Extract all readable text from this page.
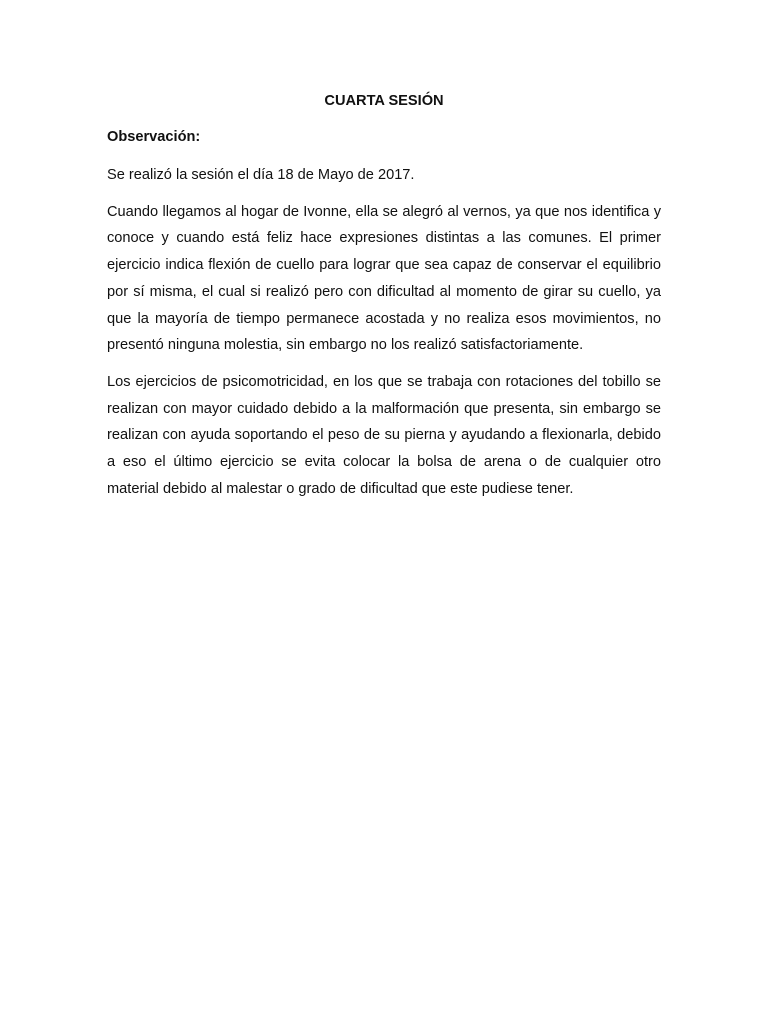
CUARTA SESIÓN
Observación:

Se realizó la sesión el día 18 de Mayo de 2017.

Cuando llegamos al hogar de Ivonne, ella se alegró al vernos, ya que nos identifica y conoce y cuando está feliz hace expresiones distintas a las comunes. El primer ejercicio indica flexión de cuello para lograr que sea capaz de conservar el equilibrio por sí misma, el cual si realizó pero con dificultad al momento de girar su cuello, ya que la mayoría de tiempo permanece acostada y no realiza esos movimientos, no presentó ninguna molestia, sin embargo no los realizó satisfactoriamente.

Los ejercicios de psicomotricidad, en los que se trabaja con rotaciones del tobillo se realizan con mayor cuidado debido a la malformación que presenta, sin embargo se realizan con ayuda soportando el peso de su pierna y ayudando a flexionarla, debido a eso el último ejercicio se evita colocar la bolsa de arena o de cualquier otro material debido al malestar o grado de dificultad que este pudiese tener.
